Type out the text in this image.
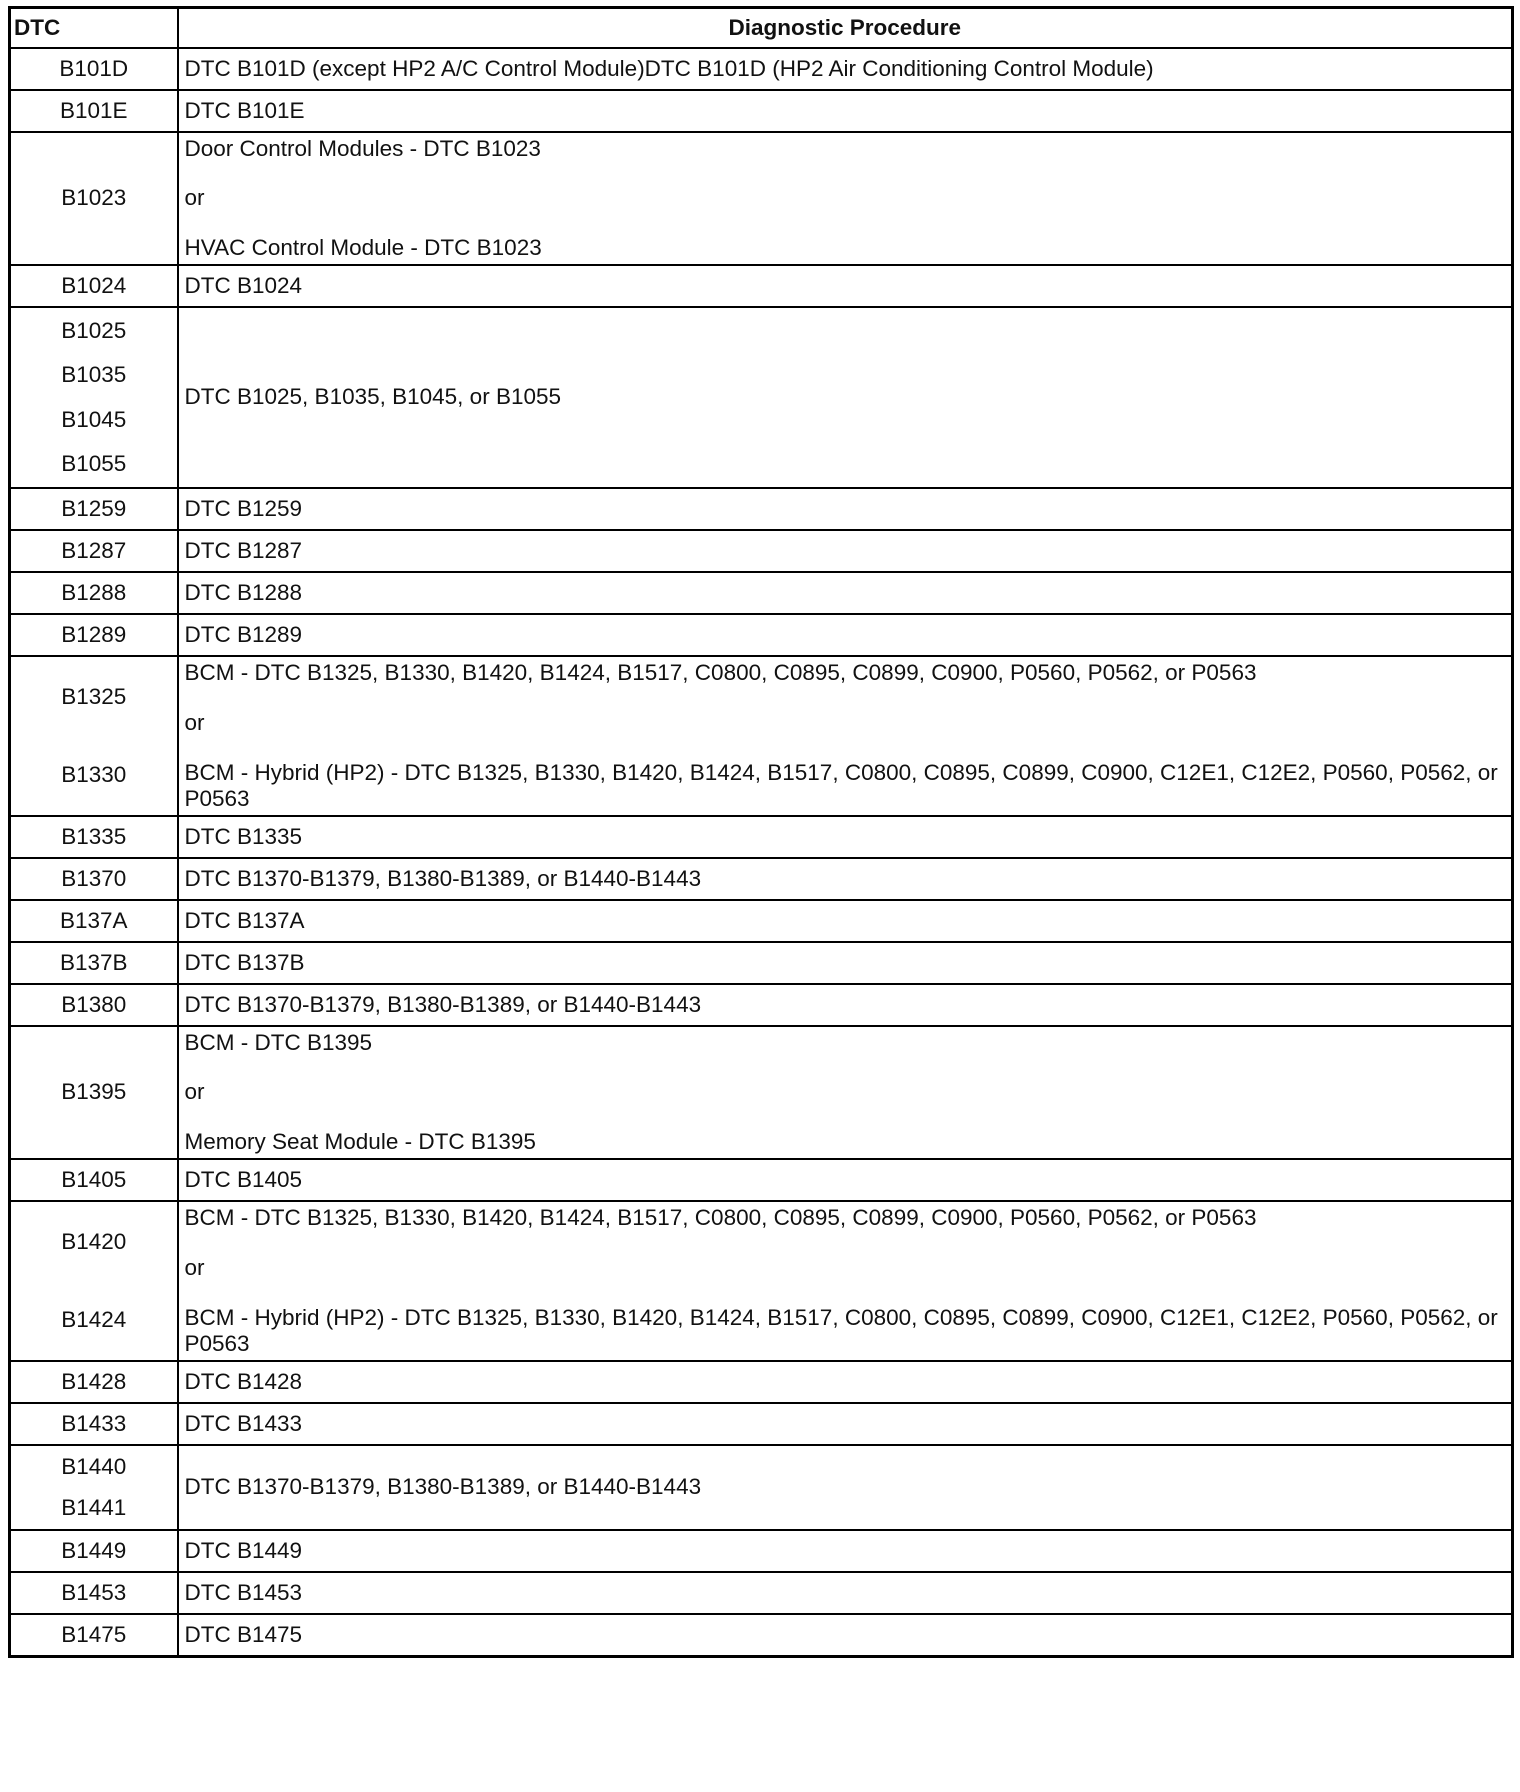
DTC	Diagnostic Procedure

B101D	DTC B101D (except HP2 A/C Control Module)DTC B101D (HP2 Air Conditioning Control Module)

B101E	DTC B101E

B1023	Door Control Modules - DTC B1023
or
HVAC Control Module - DTC B1023

B1024	DTC B1024

B1025
B1035
B1045
B1055	DTC B1025, B1035, B1045, or B1055

B1259	DTC B1259

B1287	DTC B1287

B1288	DTC B1288

B1289	DTC B1289

B1325
B1330	BCM - DTC B1325, B1330, B1420, B1424, B1517, C0800, C0895, C0899, C0900, P0560, P0562, or P0563
or
BCM - Hybrid (HP2) - DTC B1325, B1330, B1420, B1424, B1517, C0800, C0895, C0899, C0900, C12E1, C12E2, P0560, P0562, or P0563

B1335	DTC B1335

B1370	DTC B1370-B1379, B1380-B1389, or B1440-B1443

B137A	DTC B137A

B137B	DTC B137B

B1380	DTC B1370-B1379, B1380-B1389, or B1440-B1443

B1395	BCM - DTC B1395
or
Memory Seat Module - DTC B1395

B1405	DTC B1405

B1420
B1424	BCM - DTC B1325, B1330, B1420, B1424, B1517, C0800, C0895, C0899, C0900, P0560, P0562, or P0563
or
BCM - Hybrid (HP2) - DTC B1325, B1330, B1420, B1424, B1517, C0800, C0895, C0899, C0900, C12E1, C12E2, P0560, P0562, or P0563

B1428	DTC B1428

B1433	DTC B1433

B1440
B1441	DTC B1370-B1379, B1380-B1389, or B1440-B1443

B1449	DTC B1449

B1453	DTC B1453

B1475	DTC B1475
